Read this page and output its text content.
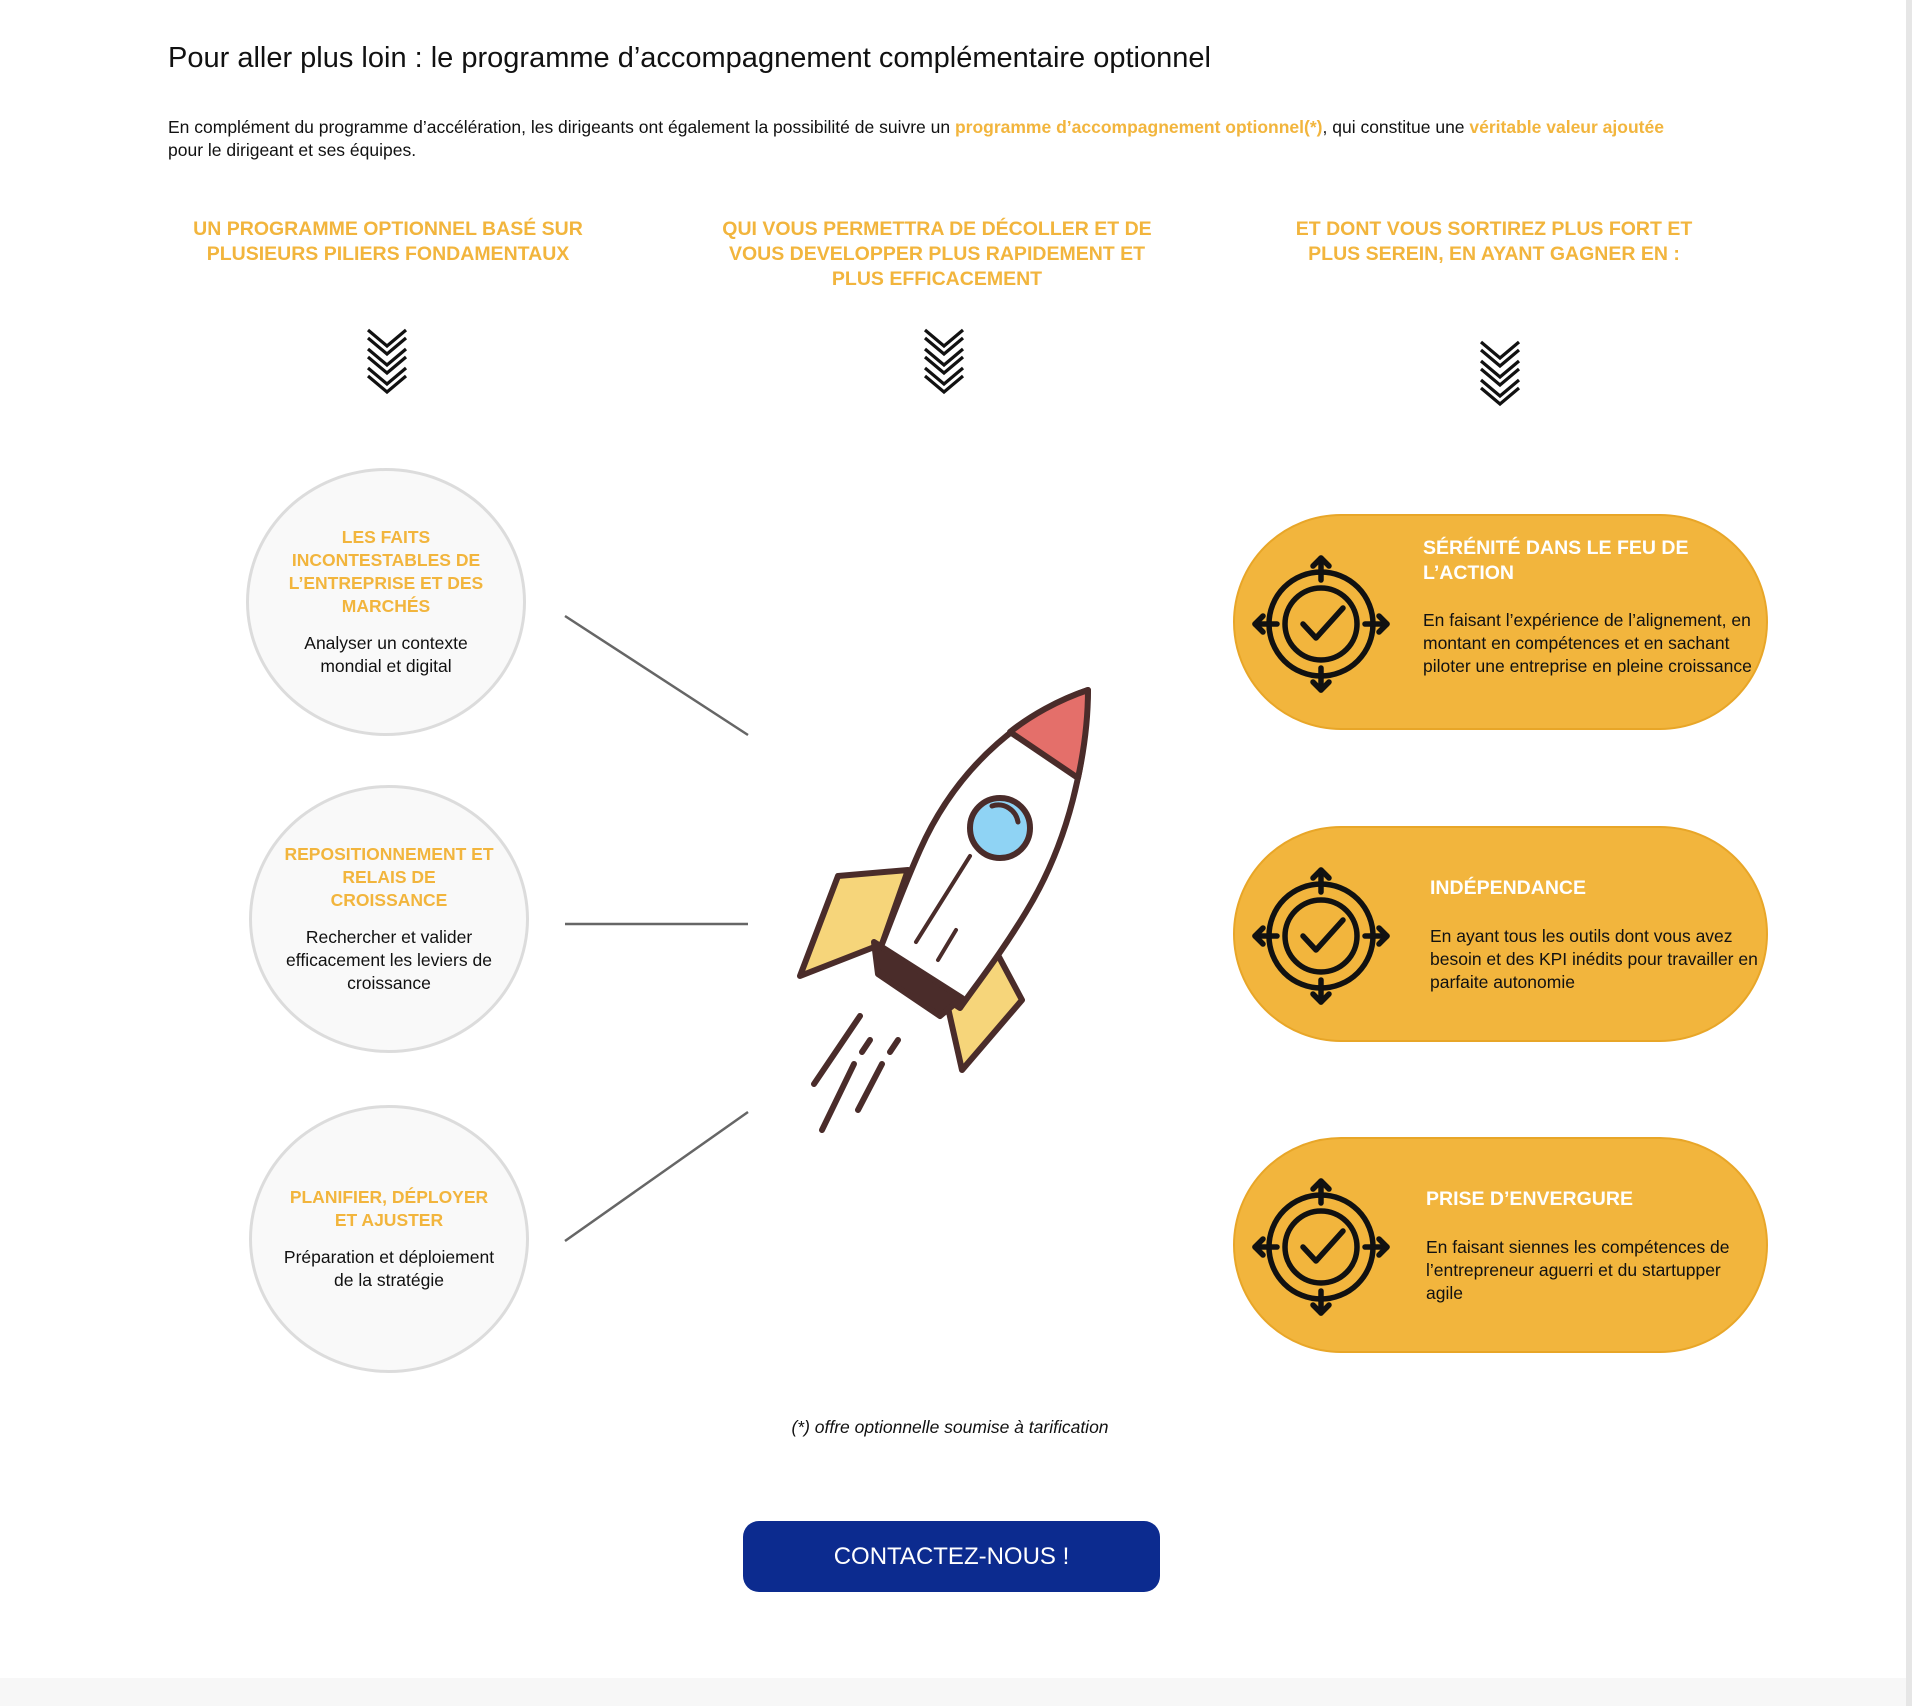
Pour aller plus loin : le programme d’accompagnement complémentaire optionnel
En complément du programme d’accélération, les dirigeants ont également la possibilité de suivre un programme d’accompagnement optionnel(*), qui constitue une véritable valeur ajoutée
pour le dirigeant et ses équipes.
UN PROGRAMME OPTIONNEL BASÉ SUR PLUSIEURS PILIERS FONDAMENTAUX
QUI VOUS PERMETTRA DE DÉCOLLER ET DE VOUS DEVELOPPER PLUS RAPIDEMENT ET PLUS EFFICACEMENT
ET DONT VOUS SORTIREZ PLUS FORT ET PLUS SEREIN, EN AYANT GAGNER EN :
LES FAITS INCONTESTABLES DE L’ENTREPRISE ET DES MARCHÉS
Analyser un contexte mondial et digital
REPOSITIONNEMENT ET RELAIS DE CROISSANCE
Rechercher et valider efficacement les leviers de croissance
PLANIFIER, DÉPLOYER ET AJUSTER
Préparation et déploiement de la stratégie
SÉRÉNITÉ DANS LE FEU DE L’ACTION
En faisant l’expérience de l’alignement, en montant en compétences et en sachant piloter une entreprise en pleine croissance
INDÉPENDANCE
En ayant tous les outils dont vous avez besoin et des KPI inédits pour travailler en parfaite autonomie
PRISE D’ENVERGURE
En faisant siennes les compétences de l’entrepreneur aguerri et du startupper agile
(*) offre optionnelle soumise à tarification
CONTACTEZ-NOUS !
